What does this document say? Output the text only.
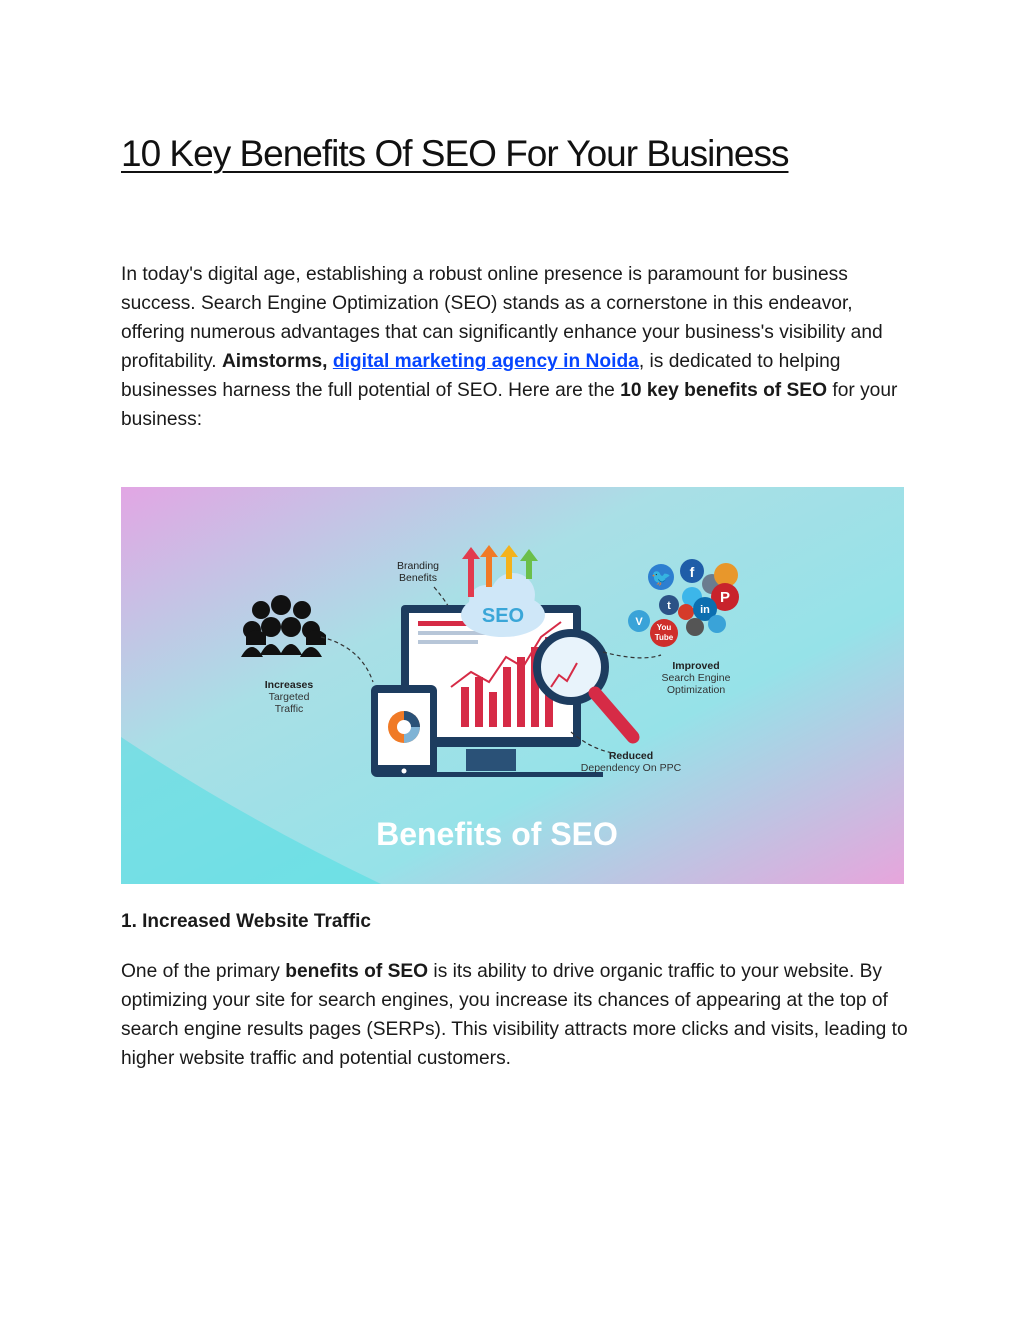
10 Key Benefits Of SEO For Your Business

In today's digital age, establishing a robust online presence is paramount for business success. Search Engine Optimization (SEO) stands as a cornerstone in this endeavor, offering numerous advantages that can significantly enhance your business's visibility and profitability. Aimstorms, digital marketing agency in Noida, is dedicated to helping businesses harness the full potential of SEO. Here are the 10 key benefits of SEO for your business:

Increases
Targeted
Traffic
Branding
Benefits
SEO
🐦 f
P
t	in
V You
Tube
Improved
Search Engine
Optimization
Reduced
Dependency On PPC
Benefits of SEO
1. Increased Website Traffic

One of the primary benefits of SEO is its ability to drive organic traffic to your website. By optimizing your site for search engines, you increase its chances of appearing at the top of search engine results pages (SERPs). This visibility attracts more clicks and visits, leading to higher website traffic and potential customers.
